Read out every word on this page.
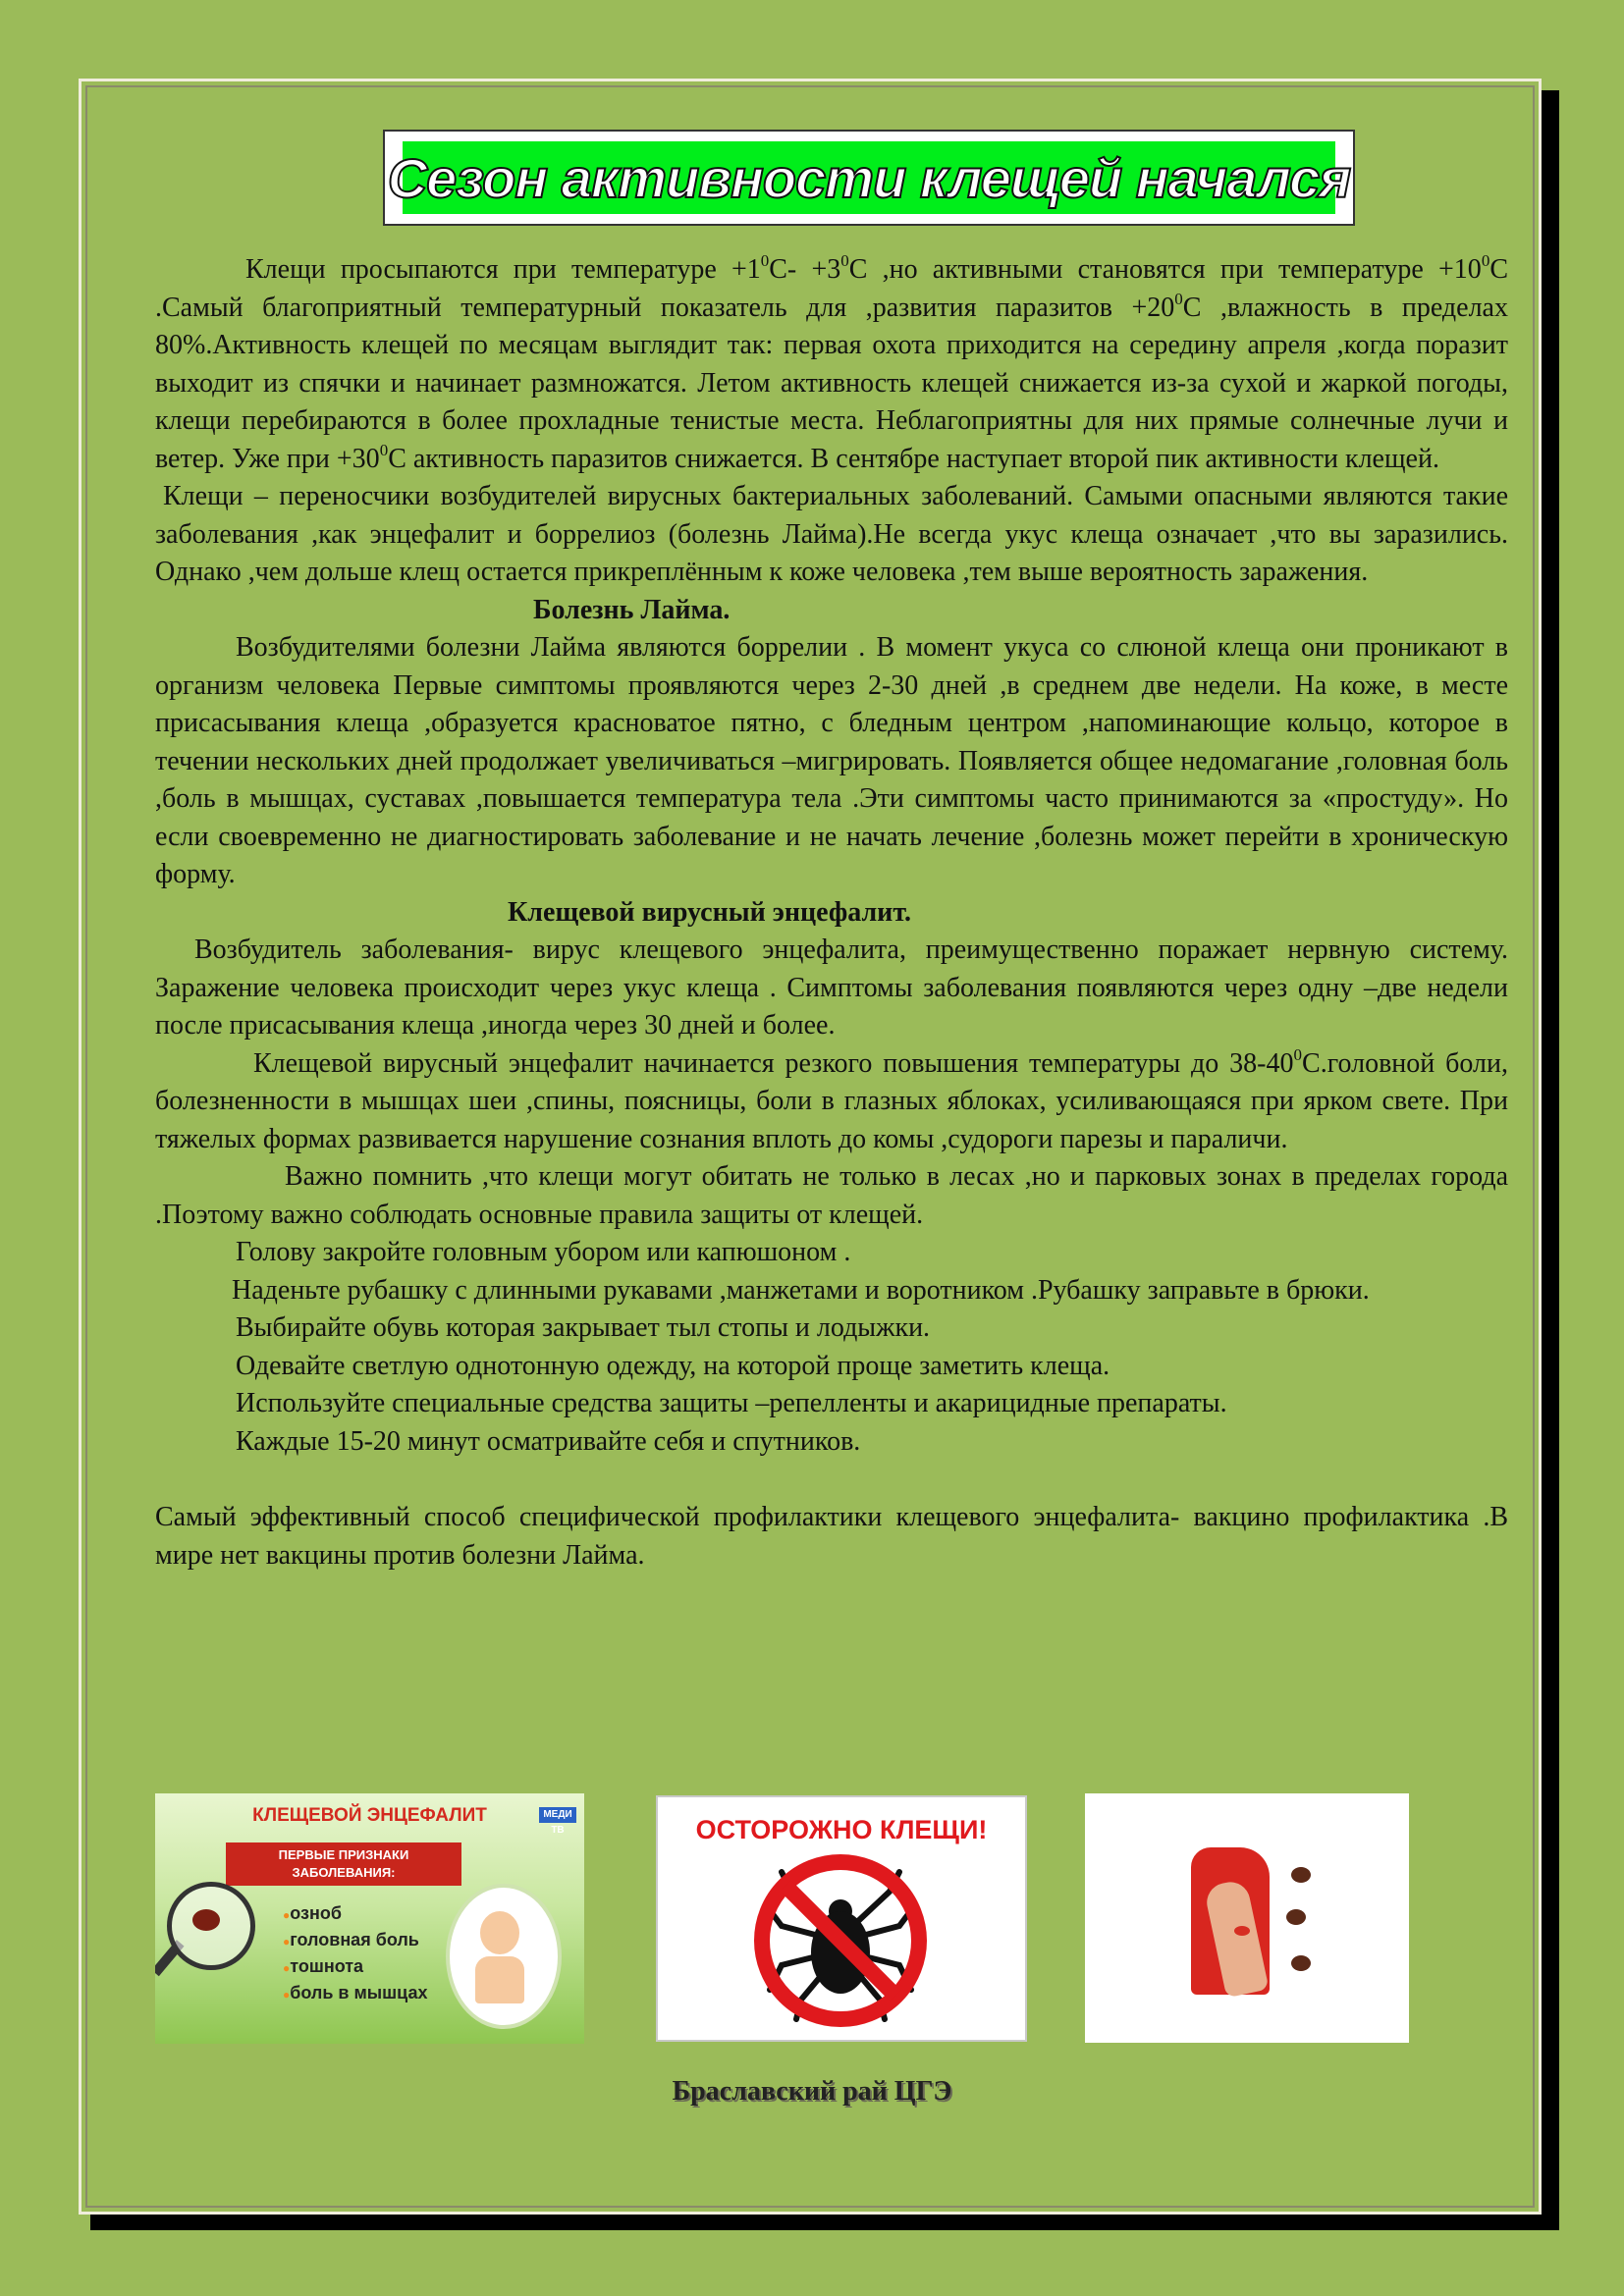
Сезон активности клещей начался

Клещи просыпаются при температуре $+1^0С- +3^0С$ ,но активными становятся при температуре $+10^0С$ .Самый благоприятный температурный показатель для ,развития паразитов $+20^0С$ ,влажность в пределах 80%.Активность клещей по месяцам выглядит так: первая охота приходится на середину апреля ,когда поразит выходит из спячки и начинает размножатся. Летом активность клещей снижается из-за сухой и жаркой погоды, клещи перебираются в более прохладные тенистые места. Неблагоприятны для них прямые солнечные лучи и ветер. Уже при $+30^0С$ активность паразитов снижается. В сентябре наступает второй пик активности клещей.

Клещи – переносчики возбудителей вирусных бактериальных заболеваний. Самыми опасными являются такие заболевания ,как энцефалит и боррелиоз (болезнь Лайма).Не всегда укус клеща означает ,что вы заразились. Однако ,чем дольше клещ остается прикреплённым к коже человека ,тем выше вероятность заражения.

Болезнь Лайма.

Возбудителями болезни Лайма являются боррелии . В момент укуса со слюной клеща они проникают в организм человека Первые симптомы проявляются через 2-30 дней ,в среднем две недели. На коже, в месте присасывания клеща ,образуется красноватое пятно, с бледным центром ,напоминающие кольцо, которое в течении нескольких дней продолжает увеличиваться –мигрировать. Появляется общее недомагание ,головная боль ,боль в мышцах, суставах ,повышается температура тела .Эти симптомы часто принимаются за «простуду». Но если своевременно не диагностировать заболевание и не начать лечение ,болезнь может перейти в хроническую форму.

Клещевой вирусный энцефалит.

Возбудитель заболевания- вирус клещевого энцефалита, преимущественно поражает нервную систему. Заражение человека происходит через укус клеща . Симптомы заболевания появляются через одну –две недели после присасывания клеща ,иногда через 30 дней и более.

Клещевой вирусный энцефалит начинается резкого повышения температуры до $38-40^0С.головной$ боли, болезненности в мышцах шеи ,спины, поясницы, боли в глазных яблоках, усиливающаяся при ярком свете. При тяжелых формах развивается нарушение сознания вплоть до комы ,судороги парезы и параличи.

Важно помнить ,что клещи могут обитать не только в лесах ,но и парковых зонах в пределах города .Поэтому важно соблюдать основные правила защиты от клещей.

Голову закройте головным убором или капюшоном .

Наденьте рубашку с длинными рукавами ,манжетами и воротником .Рубашку заправьте в брюки.

Выбирайте обувь которая закрывает тыл стопы и лодыжки.

Одевайте светлую однотонную одежду, на которой проще заметить клеща.

Используйте специальные средства защиты –репелленты и акарицидные препараты.

Каждые 15-20 минут осматривайте себя и спутников.

Самый эффективный способ специфической профилактики клещевого энцефалита- вакцино профилактика .В мире нет вакцины против болезни Лайма.

КЛЕЩЕВОЙ ЭНЦЕФАЛИТ	МЕДИ ТВ
ПЕРВЫЕ ПРИЗНАКИ
ЗАБОЛЕВАНИЯ:
● озноб
● головная боль
● тошнота
● боль в мышцах
ОСТОРОЖНО КЛЕЩИ!
Браславский рай ЦГЭ
